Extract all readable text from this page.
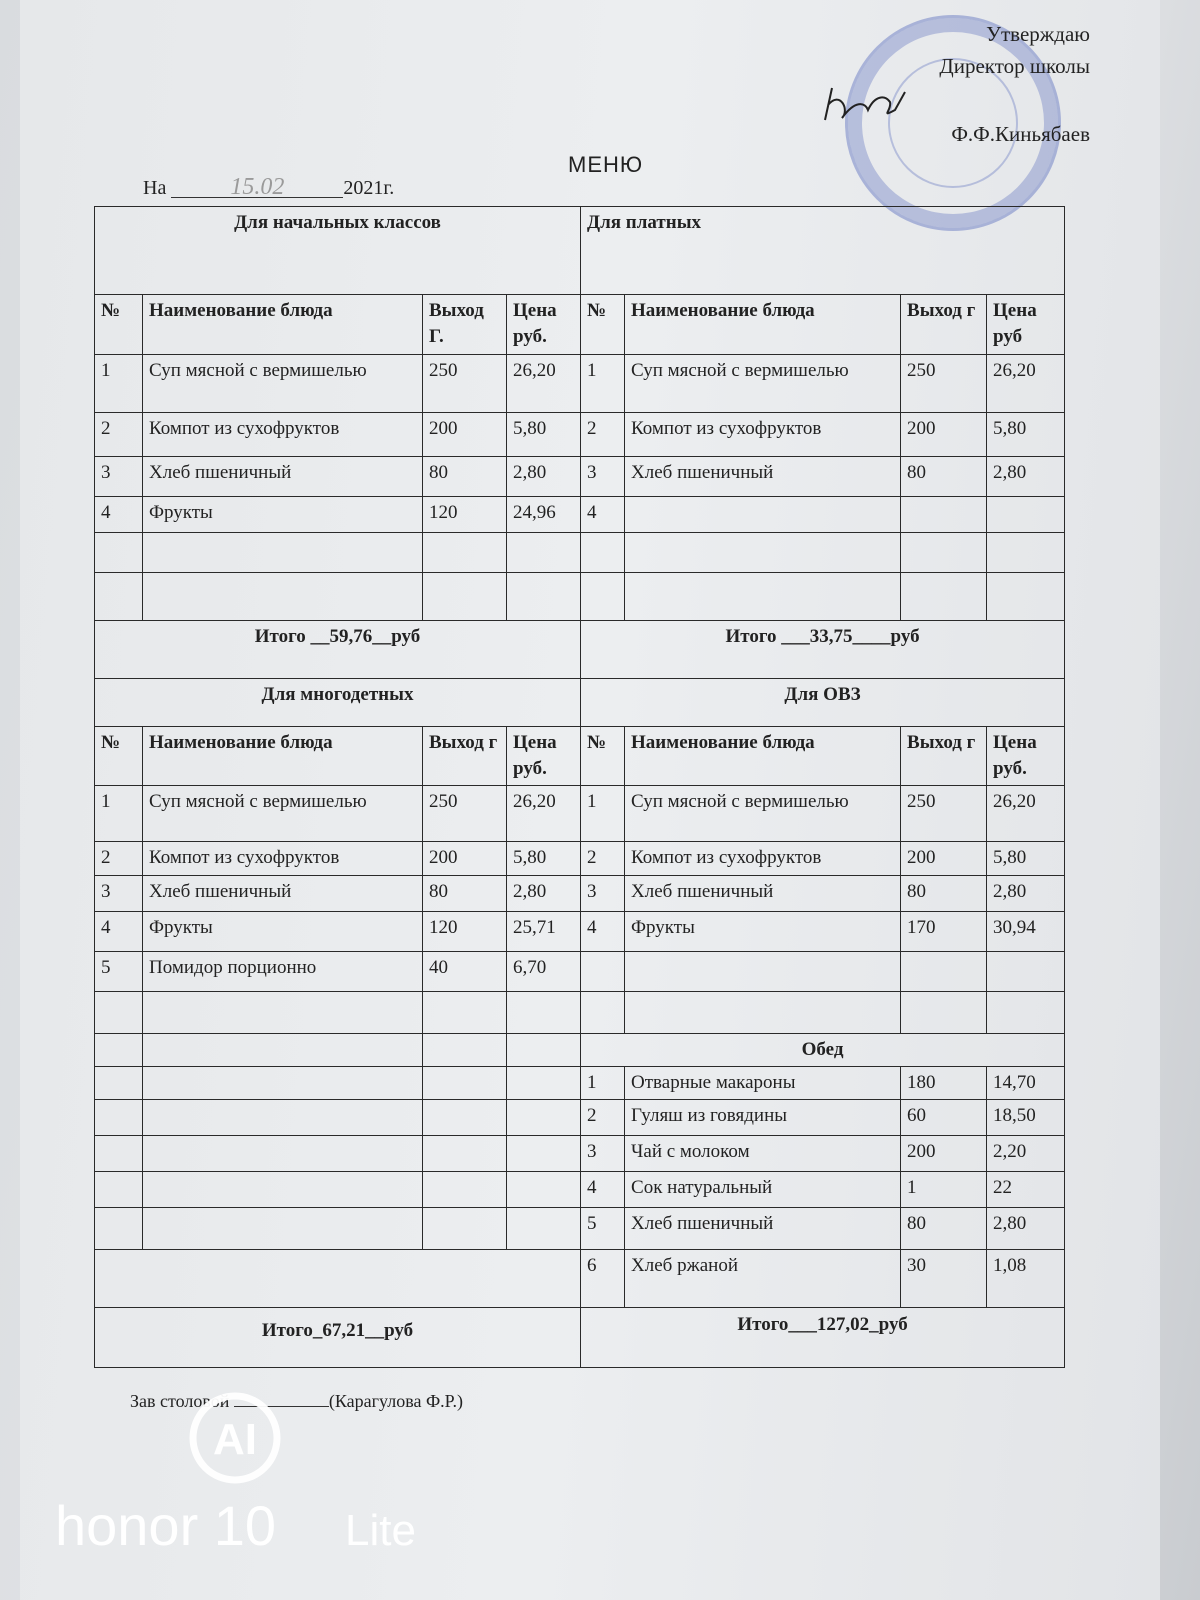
Утверждаю
Директор школы
Ф.Ф.Киньябаев
МЕНЮ
На	15.02	2021г.
Для начальных классов				Для платных			
№	Наименование блюда	Выход Г.	Цена руб.	№	Наименование блюда	Выход г	Цена руб
1	Суп мясной с вермишелью	250	26,20	1	Суп мясной с вермишелью	250	26,20
2	Компот из сухофруктов	200	5,80	2	Компот из сухофруктов	200	5,80
3	Хлеб пшеничный	80	2,80	3	Хлеб пшеничный	80	2,80
4	Фрукты	120	24,96	4			

Итого __59,76__руб				Итого ___33,75____руб			
Для многодетных				Для ОВЗ			
№	Наименование блюда	Выход г	Цена руб.	№	Наименование блюда	Выход г	Цена руб.
1	Суп мясной с вермишелью	250	26,20	1	Суп мясной с вермишелью	250	26,20
2	Компот из сухофруктов	200	5,80	2	Компот из сухофруктов	200	5,80
3	Хлеб пшеничный	80	2,80	3	Хлеб пшеничный	80	2,80
4	Фрукты	120	25,71	4	Фрукты	170	30,94
5	Помидор порционно	40	6,70				

				Обед			
				1	Отварные макароны	180	14,70
				2	Гуляш из говядины	60	18,50
				3	Чай с молоком	200	2,20
				4	Сок натуральный	1	22
				5	Хлеб пшеничный	80	2,80
				6	Хлеб ржаной	30	1,08
Итого_67,21__руб				Итого___127,02_руб			
Зав столовой	(Карагулова Ф.Р.)
AI
honor 10 Lite
